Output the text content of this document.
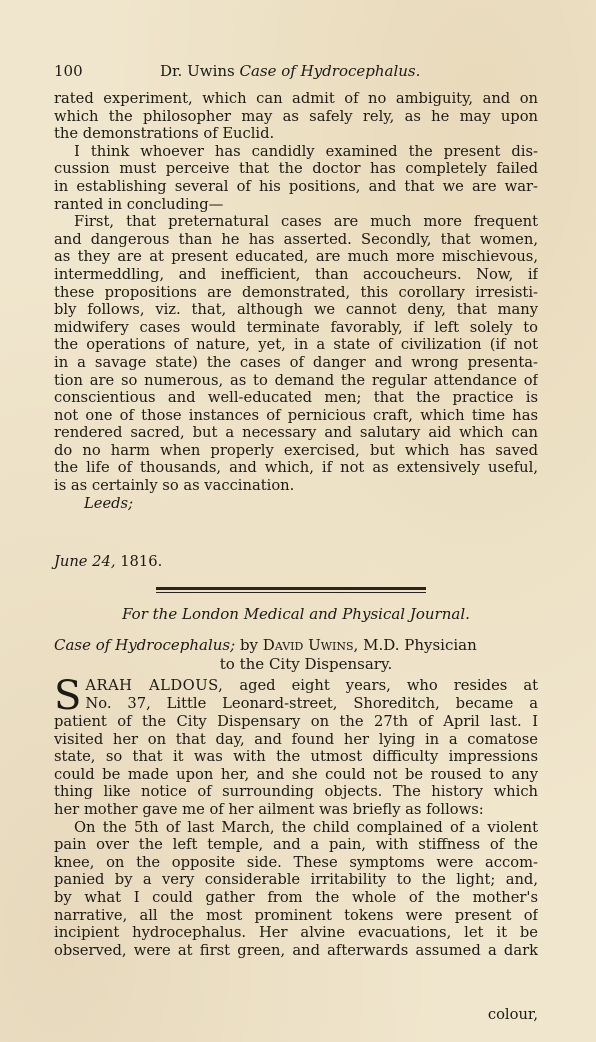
100	Dr. Uwins Case of Hydrocephalus.
rated experiment, which can admit of no ambiguity, and on
which the philosopher may as safely rely, as he may upon
the demonstrations of Euclid.
I think whoever has candidly examined the present dis-
cussion must perceive that the doctor has completely failed
in establishing several of his positions, and that we are war-
ranted in concluding—
First, that preternatural cases are much more frequent
and dangerous than he has asserted. Secondly, that women,
as they are at present educated, are much more mischievous,
intermeddling, and inefficient, than accoucheurs. Now, if
these propositions are demonstrated, this corollary irresisti-
bly follows, viz. that, although we cannot deny, that many
midwifery cases would terminate favorably, if left solely to
the operations of nature, yet, in a state of civilization (if not
in a savage state) the cases of danger and wrong presenta-
tion are so numerous, as to demand the regular attendance of
conscientious and well-educated men; that the practice is
not one of those instances of pernicious craft, which time has
rendered sacred, but a necessary and salutary aid which can
do no harm when properly exercised, but which has saved
the life of thousands, and which, if not as extensively useful,
is as certainly so as vaccination.
Leeds;
June 24, 1816.
For the London Medical and Physical Journal.
Case of Hydrocephalus; by David Uwins, M.D. Physician
to the City Dispensary.
S ARAH ALDOUS, aged eight years, who resides at
No. 37, Little Leonard-street, Shoreditch, became a
patient of the City Dispensary on the 27th of April last. I
visited her on that day, and found her lying in a comatose
state, so that it was with the utmost difficulty impressions
could be made upon her, and she could not be roused to any
thing like notice of surrounding objects. The history which
her mother gave me of her ailment was briefly as follows:
On the 5th of last March, the child complained of a violent
pain over the left temple, and a pain, with stiffness of the
knee, on the opposite side. These symptoms were accom-
panied by a very considerable irritability to the light; and,
by what I could gather from the whole of the mother's
narrative, all the most prominent tokens were present of
incipient hydrocephalus. Her alvine evacuations, let it be
observed, were at first green, and afterwards assumed a dark
colour,
